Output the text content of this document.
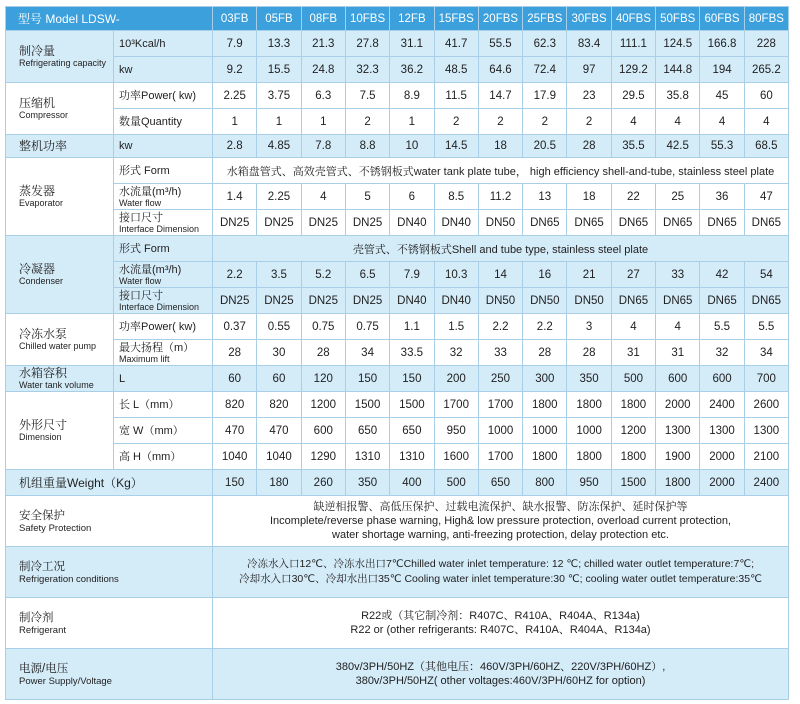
型号 Model LDSW-	03FB	05FB	08FB	10FBS	12FB	15FBS 20FBS 25FBS 30FBS 40FBS 50FBS 60FBS 80FBS
制冷量
Refrigerating capacity
10³Kcal/h	7.9	13.3	21.3	27.8	31.1	41.7	55.5	62.3	83.4	111.1	124.5	166.8	228
kw	9.2	15.5	24.8	32.3	36.2	48.5	64.6	72.4	97	129.2	144.8	194	265.2
压缩机
Compressor
功率Power( kw)	2.25	3.75	6.3	7.5	8.9	11.5	14.7	17.9	23	29.5	35.8	45	60
数量Quantity	1	1	1	2	1	2	2	2	2	4	4	4	4
整机功率	kw	2.8	4.85	7.8	8.8	10	14.5	18	20.5	28	35.5	42.5	55.3	68.5
蒸发器
Evaporator
形式 Form	水箱盘管式、高效壳管式、不锈钢板式water tank plate tube， high efficiency shell-and-tube, stainless steel plate
水流量(m³/h)
Water flow	1.4	2.25	4	5	6	8.5	11.2	13	18	22	25	36	47
接口尺寸
Interface Dimension	DN25	DN25	DN25	DN25	DN40	DN40	DN50	DN65	DN65	DN65	DN65	DN65	DN65
冷凝器
Condenser
形式 Form	壳管式、不锈钢板式Shell and tube type, stainless steel plate
水流量(m³/h)
Water flow	2.2	3.5	5.2	6.5	7.9	10.3	14	16	21	27	33	42	54
接口尺寸
Interface Dimension	DN25	DN25	DN25	DN25	DN40	DN40	DN50	DN50	DN50	DN65	DN65	DN65	DN65
冷冻水泵
Chilled water pump
功率Power( kw)	0.37	0.55	0.75	0.75	1.1	1.5	2.2	2.2	3	4	4	5.5	5.5
最大扬程（m）
Maximum lift	28	30	28	34	33.5	32	33	28	28	31	31	32	34
水箱容积
Water tank volume
L	60	60	120	150	150	200	250	300	350	500	600	600	700
外形尺寸
Dimension
长 L（mm）	820	820	1200	1500	1500	1700	1700	1800	1800	1800	2000	2400	2600
宽 W（mm）	470	470	600	650	650	950	1000	1000	1000	1200	1300	1300	1300
高 H（mm）	1040	1040	1290	1310	1310	1600	1700	1800	1800	1800	1900	2000	2100
机组重量Weight（Kg）	150	180	260	350	400	500	650	800	950	1500	1800	2000	2400
安全保护
Safety Protection
缺逆相报警、高低压保护、过载电流保护、缺水报警、防冻保护、延时保护等
Incomplete/reverse phase warning, High& low pressure protection, overload current protection,
water shortage warning, anti-freezing protection, delay protection etc.
制冷工况
Refrigeration conditions
冷冻水入口12℃、冷冻水出口7℃Chilled water inlet temperature: 12 ℃; chilled water outlet temperature:7℃;
冷却水入口30℃、冷却水出口35℃ Cooling water inlet temperature:30 ℃; cooling water outlet temperature:35℃
制冷剂
Refrigerant
R22或（其它制冷剂：R407C、R410A、R404A、R134a)
R22 or (other refrigerants: R407C、R410A、R404A、R134a)
电源/电压
Power Supply/Voltage
380v/3PH/50HZ（其他电压：460V/3PH/60HZ、220V/3PH/60HZ）,
380v/3PH/50HZ( other voltages:460V/3PH/60HZ for option)
